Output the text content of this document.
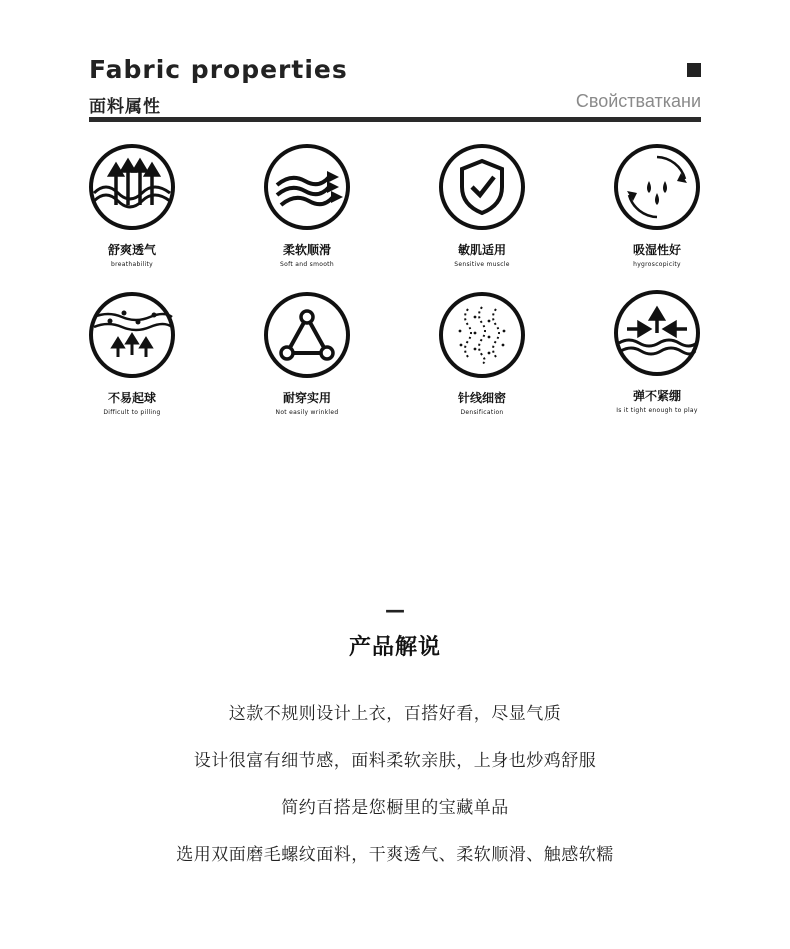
Fabric properties
面料属性	Свойстваткани
舒爽透气
breathability
柔软顺滑
Soft and smooth
敏肌适用
Sensitive muscle
吸湿性好
hygroscopicity
不易起球
Difficult to pilling
耐穿实用
Not easily wrinkled
针线细密
Densification
弹不紧绷
Is it tight enough to play
—
产品解说
这款不规则设计上衣，百搭好看，尽显气质
设计很富有细节感，面料柔软亲肤，上身也炒鸡舒服
简约百搭是您橱里的宝藏单品
选用双面磨毛螺纹面料，干爽透气、柔软顺滑、触感软糯
